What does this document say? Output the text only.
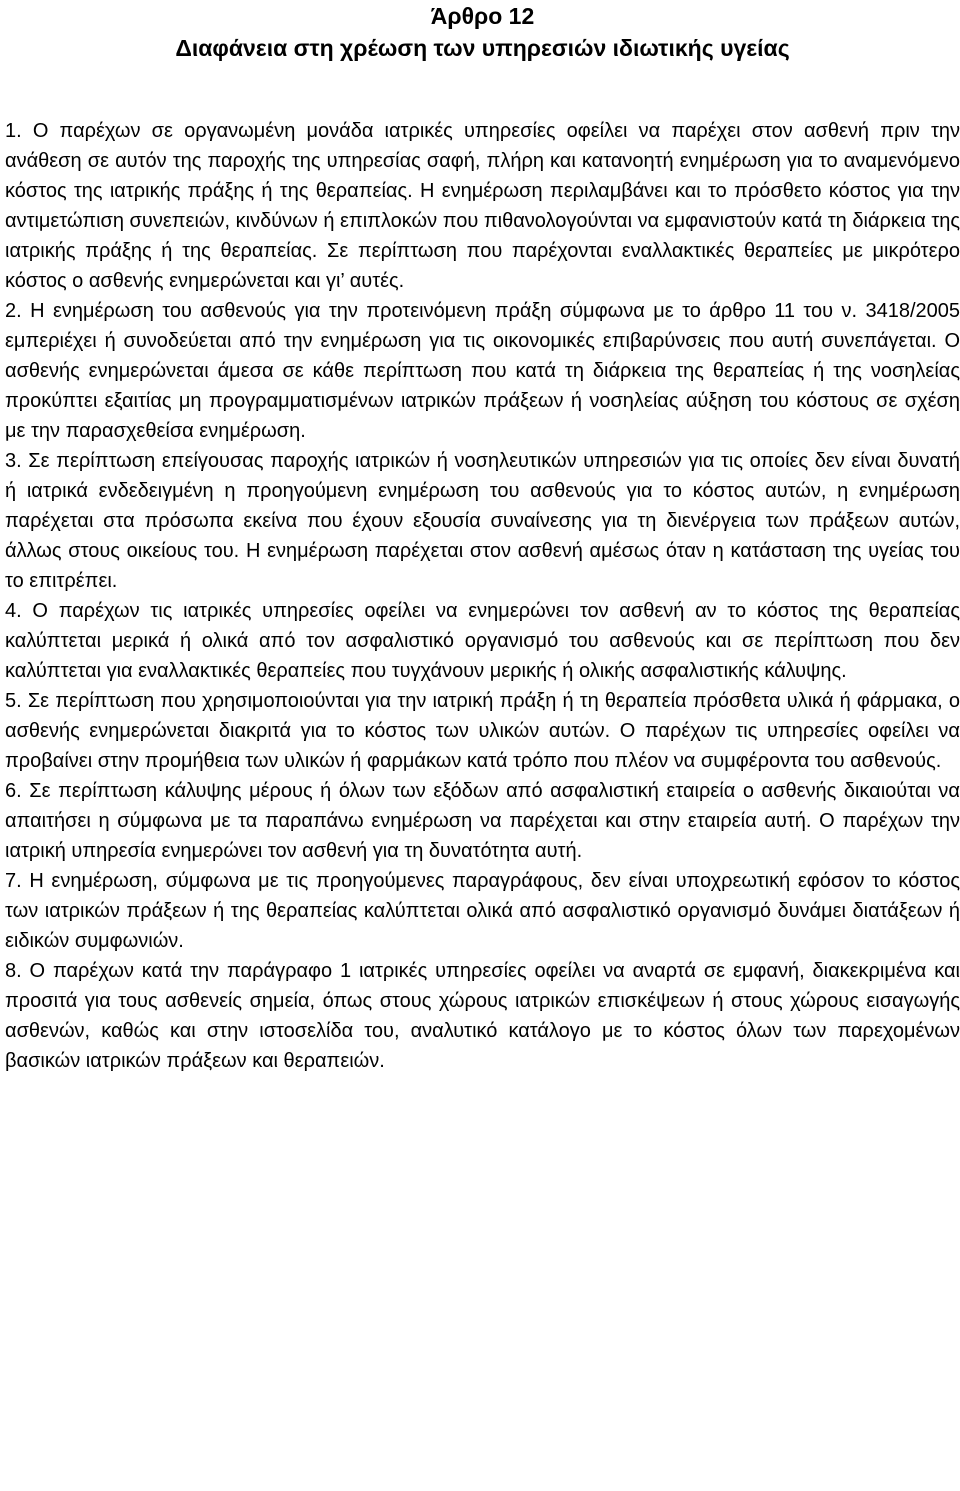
Άρθρο 12

Διαφάνεια στη χρέωση των υπηρεσιών ιδιωτικής υγείας

1. Ο παρέχων σε οργανωμένη μονάδα ιατρικές υπηρεσίες οφείλει να παρέχει στον ασθενή πριν την ανάθεση σε αυτόν της παροχής της υπηρεσίας σαφή, πλήρη και κατανοητή ενημέρωση για το αναμενόμενο κόστος της ιατρικής πράξης ή της θεραπείας. Η ενημέρωση περιλαμβάνει και το πρόσθετο κόστος για την αντιμετώπιση συνεπειών, κινδύνων ή επιπλοκών που πιθανολογούνται να εμφανιστούν κατά τη διάρκεια της ιατρικής πράξης ή της θεραπείας. Σε περίπτωση που παρέχονται εναλλακτικές θεραπείες με μικρότερο κόστος ο ασθενής ενημερώνεται και γι’ αυτές.

2. Η ενημέρωση του ασθενούς για την προτεινόμενη πράξη σύμφωνα με το άρθρο 11 του ν. 3418/2005 εμπεριέχει ή συνοδεύεται από την ενημέρωση για τις οικονομικές επιβαρύνσεις που αυτή συνεπάγεται. Ο ασθενής ενημερώνεται άμεσα σε κάθε περίπτωση που κατά τη διάρκεια της θεραπείας ή της νοσηλείας προκύπτει εξαιτίας μη προγραμματισμένων ιατρικών πράξεων ή νοσηλείας αύξηση του κόστους σε σχέση με την παρασχεθείσα ενημέρωση.

3. Σε περίπτωση επείγουσας παροχής ιατρικών ή νοσηλευτικών υπηρεσιών για τις οποίες δεν είναι δυνατή ή ιατρικά ενδεδειγμένη η προηγούμενη ενημέρωση του ασθενούς για το κόστος αυτών, η ενημέρωση παρέχεται στα πρόσωπα εκείνα που έχουν εξουσία συναίνεσης για τη διενέργεια των πράξεων αυτών, άλλως στους οικείους του. Η ενημέρωση παρέχεται στον ασθενή αμέσως όταν η κατάσταση της υγείας του το επιτρέπει.

4. Ο παρέχων τις ιατρικές υπηρεσίες οφείλει να ενημερώνει τον ασθενή αν το κόστος της θεραπείας καλύπτεται μερικά ή ολικά από τον ασφαλιστικό οργανισμό του ασθενούς και σε περίπτωση που δεν καλύπτεται για εναλλακτικές θεραπείες που τυγχάνουν μερικής ή ολικής ασφαλιστικής κάλυψης.

5. Σε περίπτωση που χρησιμοποιούνται για την ιατρική πράξη ή τη θεραπεία πρόσθετα υλικά ή φάρμακα, ο ασθενής ενημερώνεται διακριτά για το κόστος των υλικών αυτών. Ο παρέχων τις υπηρεσίες οφείλει να προβαίνει στην προμήθεια των υλικών ή φαρμάκων κατά τρόπο που πλέον να συμφέροντα του ασθενούς.

6. Σε περίπτωση κάλυψης μέρους ή όλων των εξόδων από ασφαλιστική εταιρεία ο ασθενής δικαιούται να απαιτήσει η σύμφωνα με τα παραπάνω ενημέρωση να παρέχεται και στην εταιρεία αυτή. Ο παρέχων την ιατρική υπηρεσία ενημερώνει τον ασθενή για τη δυνατότητα αυτή.

7. Η ενημέρωση, σύμφωνα με τις προηγούμενες παραγράφους, δεν είναι υποχρεωτική εφόσον το κόστος των ιατρικών πράξεων ή της θεραπείας καλύπτεται ολικά από ασφαλιστικό οργανισμό δυνάμει διατάξεων ή ειδικών συμφωνιών.

8. Ο παρέχων κατά την παράγραφο 1 ιατρικές υπηρεσίες οφείλει να αναρτά σε εμφανή, διακεκριμένα και προσιτά για τους ασθενείς σημεία, όπως στους χώρους ιατρικών επισκέψεων ή στους χώρους εισαγωγής ασθενών, καθώς και στην ιστοσελίδα του, αναλυτικό κατάλογο με το κόστος όλων των παρεχομένων βασικών ιατρικών πράξεων και θεραπειών.
